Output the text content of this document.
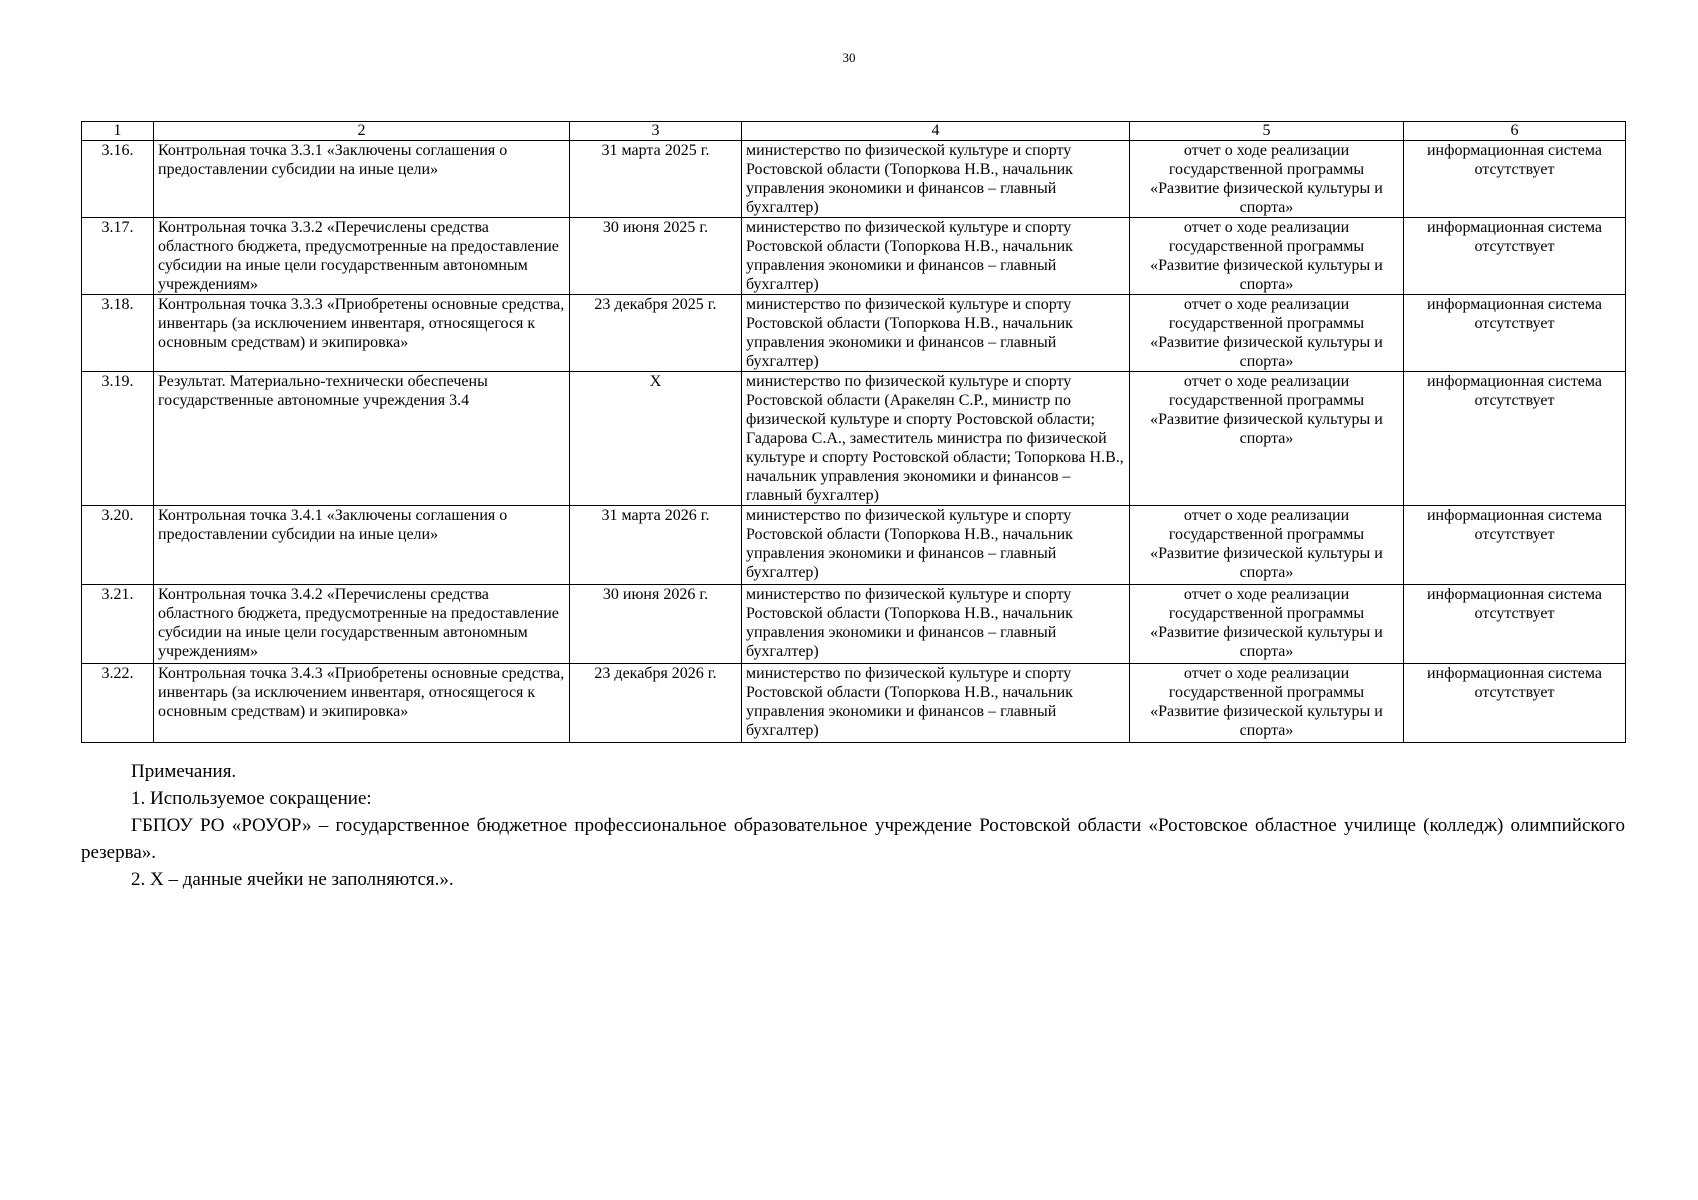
30
1	2	3	4	5	6
3.16.	Контрольная точка 3.3.1 «Заключены соглашения о предоставлении субсидии на иные цели»	31 марта 2025 г.	министерство по физической культуре и спорту Ростовской области (Топоркова Н.В., начальник управления экономики и финансов – главный бухгалтер)	отчет о ходе реализации государственной программы «Развитие физической культуры и спорта»	информационная система отсутствует
3.17.	Контрольная точка 3.3.2 «Перечислены средства областного бюджета, предусмотренные на предоставление субсидии на иные цели государственным автономным учреждениям»	30 июня 2025 г.	министерство по физической культуре и спорту Ростовской области (Топоркова Н.В., начальник управления экономики и финансов – главный бухгалтер)	отчет о ходе реализации государственной программы «Развитие физической культуры и спорта»	информационная система отсутствует
3.18.	Контрольная точка 3.3.3 «Приобретены основные средства, инвентарь (за исключением инвентаря, относящегося к основным средствам) и экипировка»	23 декабря 2025 г.	министерство по физической культуре и спорту Ростовской области (Топоркова Н.В., начальник управления экономики и финансов – главный бухгалтер)	отчет о ходе реализации государственной программы «Развитие физической культуры и спорта»	информационная система отсутствует
3.19.	Результат. Материально-технически обеспечены государственные автономные учреждения 3.4	Х	министерство по физической культуре и спорту Ростовской области (Аракелян С.Р., министр по физической культуре и спорту Ростовской области; Гадарова С.А., заместитель министра по физической культуре и спорту Ростовской области; Топоркова Н.В., начальник управления экономики и финансов – главный бухгалтер)	отчет о ходе реализации государственной программы «Развитие физической культуры и спорта»	информационная система отсутствует
3.20.	Контрольная точка 3.4.1 «Заключены соглашения о предоставлении субсидии на иные цели»	31 марта 2026 г.	министерство по физической культуре и спорту Ростовской области (Топоркова Н.В., начальник управления экономики и финансов – главный бухгалтер)	отчет о ходе реализации государственной программы «Развитие физической культуры и спорта»	информационная система отсутствует
3.21.	Контрольная точка 3.4.2 «Перечислены средства областного бюджета, предусмотренные на предоставление субсидии на иные цели государственным автономным учреждениям»	30 июня 2026 г.	министерство по физической культуре и спорту Ростовской области (Топоркова Н.В., начальник управления экономики и финансов – главный бухгалтер)	отчет о ходе реализации государственной программы «Развитие физической культуры и спорта»	информационная система отсутствует
3.22.	Контрольная точка 3.4.3 «Приобретены основные средства, инвентарь (за исключением инвентаря, относящегося к основным средствам) и экипировка»	23 декабря 2026 г.	министерство по физической культуре и спорту Ростовской области (Топоркова Н.В., начальник управления экономики и финансов – главный бухгалтер)	отчет о ходе реализации государственной программы «Развитие физической культуры и спорта»	информационная система отсутствует

Примечания.

1. Используемое сокращение:

ГБПОУ РО «РОУОР» – государственное бюджетное профессиональное образовательное учреждение Ростовской области «Ростовское областное училище (колледж) олимпийского резерва».

2. Х – данные ячейки не заполняются.».
